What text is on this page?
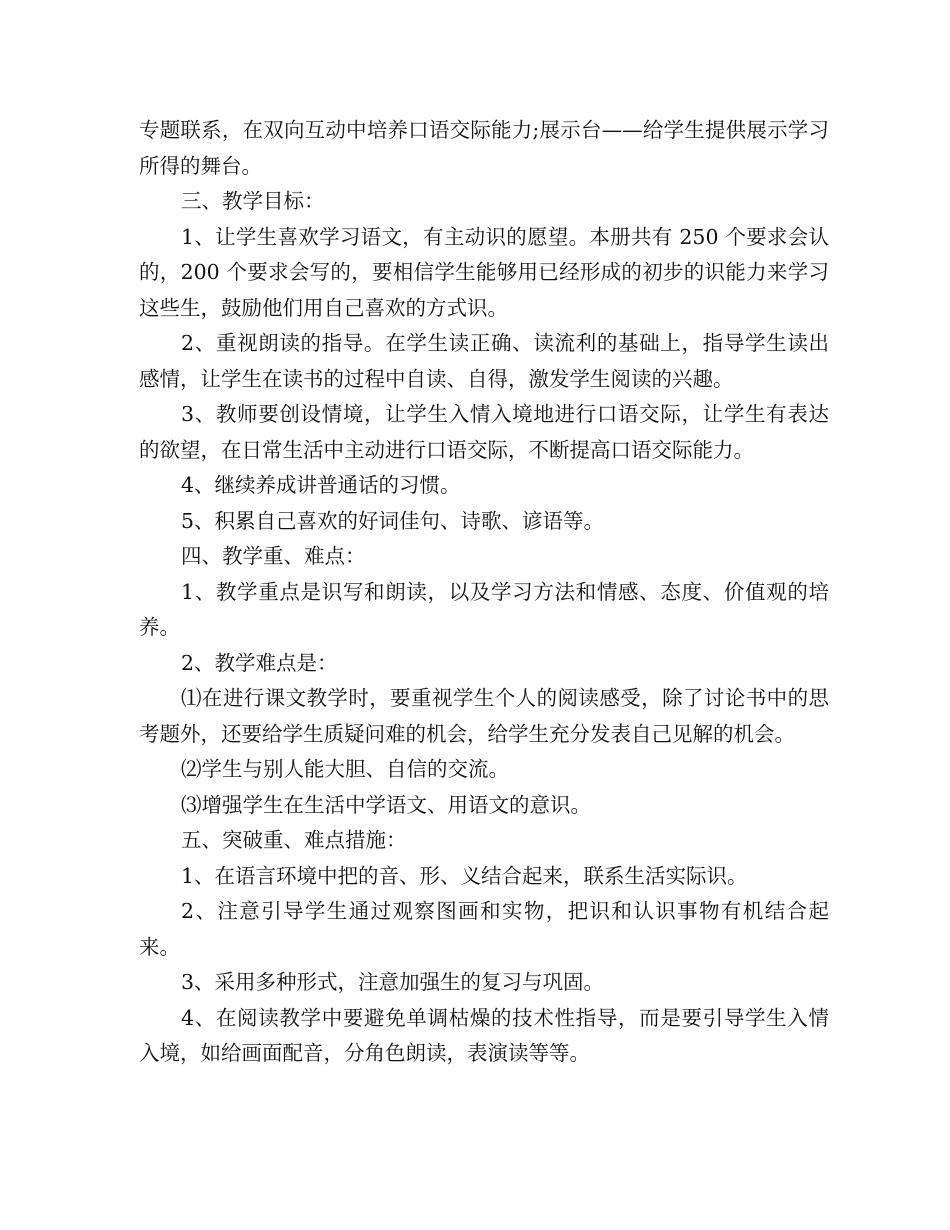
专题联系，在双向互动中培养口语交际能力;展示台——给学生提供展示学习所得的舞台。

三、教学目标：

1、让学生喜欢学习语文，有主动识的愿望。本册共有 250 个要求会认的，200 个要求会写的，要相信学生能够用已经形成的初步的识能力来学习这些生，鼓励他们用自己喜欢的方式识。

2、重视朗读的指导。在学生读正确、读流利的基础上，指导学生读出感情，让学生在读书的过程中自读、自得，激发学生阅读的兴趣。

3、教师要创设情境，让学生入情入境地进行口语交际，让学生有表达的欲望，在日常生活中主动进行口语交际，不断提高口语交际能力。

4、继续养成讲普通话的习惯。

5、积累自己喜欢的好词佳句、诗歌、谚语等。

四、教学重、难点：

1、教学重点是识写和朗读，以及学习方法和情感、态度、价值观的培养。

2、教学难点是：

⑴在进行课文教学时，要重视学生个人的阅读感受，除了讨论书中的思考题外，还要给学生质疑问难的机会，给学生充分发表自己见解的机会。

⑵学生与别人能大胆、自信的交流。

⑶增强学生在生活中学语文、用语文的意识。

五、突破重、难点措施：

1、在语言环境中把的音、形、义结合起来，联系生活实际识。

2、注意引导学生通过观察图画和实物，把识和认识事物有机结合起来。

3、采用多种形式，注意加强生的复习与巩固。

4、在阅读教学中要避免单调枯燥的技术性指导，而是要引导学生入情入境，如给画面配音，分角色朗读，表演读等等。
